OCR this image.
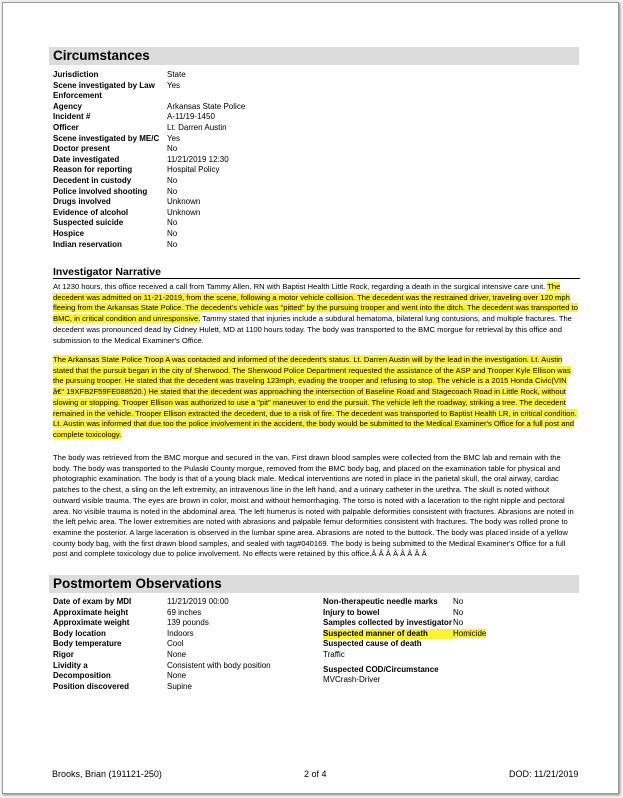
Circumstances
Jurisdiction	State
Scene investigated by Law Enforcement
Yes
Agency	Arkansas State Police
Incident #	A-11/19-1450
Officer	Lt. Darren Austin
Scene investigated by ME/C Yes
Doctor present	No
Date investigated	11/21/2019 12:30
Reason for reporting	Hospital Policy
Decedent in custody	No
Police involved shooting	No
Drugs involved	Unknown
Evidence of alcohol	Unknown
Suspected suicide	No
Hospice	No
Indian reservation	No
Investigator Narrative
At 1230 hours, this office received a call from Tammy Allen, RN with Baptist Health Little Rock, regarding a death in the surgical intensive care unit. The decedent was admitted on 11-21-2019, from the scene, following a motor vehicle collision. The decedent was the restrained driver, traveling over 120 mph fleeing from the Arkansas State Police. The decedent's vehicle was "pitted" by the pursuing trooper and went into the ditch. The decedent was transported to BMC, in critical condition and unresponsive. Tammy stated that injuries include a subdural hematoma, bilateral lung contusions, and multiple fractures. The decedent was pronounced dead by Cidney Hulett, MD at 1100 hours today. The body was transported to the BMC morgue for retrieval by this office and submission to the Medical Examiner's Office.
The Arkansas State Police Troop A was contacted and informed of the decedent's status. Lt. Darren Austin will by the lead in the investigation. Lt. Austin stated that the pursuit began in the city of Sherwood. The Sherwood Police Department requested the assistance of the ASP and Trooper Kyle Ellison was the pursuing trooper. He stated that the decedent was traveling 123mph, evading the trooper and refusing to stop. The vehicle is a 2015 Honda Civic(VIN â€“ 19XFB2F59FE088520.) He stated that the decedent was approaching the intersection of Baseline Road and Stagecoach Road in Little Rock, without slowing or stopping. Trooper Ellison was authorized to use a "pit" maneuver to end the pursuit. The vehicle left the roadway, striking a tree. The decedent remained in the vehicle. Trooper Ellison extracted the decedent, due to a risk of fire. The decedent was transported to Baptist Health LR, in critical condition. Lt. Austin was informed that due too the police involvement in the accident, the body would be submitted to the Medical Examiner's Office for a full post and complete toxicology.
The body was retrieved from the BMC morgue and secured in the van. First drawn blood samples were collected from the BMC lab and remain with the body. The body was transported to the Pulaski County morgue, removed from the BMC body bag, and placed on the examination table for physical and photographic examination. The body is that of a young black male. Medical interventions are noted in place in the parietal skull, the oral airway, cardiac patches to the chest, a sling on the left extremity, an intravenous line in the left hand, and a urinary catheter in the urethra. The skull is noted without outward visible trauma. The eyes are brown in color, moist and without hemorrhaging. The torso is noted with a laceration to the right nipple and pectoral area. No visible trauma is noted in the abdominal area. The left humerus is noted with palpable deformities consistent with fractures. Abrasions are noted in the left pelvic area. The lower extremities are noted with abrasions and palpable femur deformities consistent with fractures. The body was rolled prone to examine the posterior. A large laceration is observed in the lumbar spine area. Abrasions are noted to the buttock. The body was placed inside of a yellow county body bag, with the first drawn blood samples, and sealed with tag#040169. The body is being submitted to the Medical Examiner's Office for a full post and complete toxicology due to police involvement. No effects were retained by this office.Â Â Â Â Â Â Â Â
Postmortem Observations
Date of exam by MDI	11/21/2019 00:00
Approximate height	69 inches
Approximate weight	139 pounds
Body location	Indoors
Body temperature	Cool
Rigor	None
Lividity a	Consistent with body position
Decomposition	None
Position discovered	Supine
Non-therapeutic needle marks	No
Injury to bowel	No
Samples collected by investigator No
Suspected manner of death	Homicide
Suspected cause of death
Traffic
Suspected COD/Circumstance
MVCrash-Driver
Brooks, Brian (191121-250)	2 of 4	DOD: 11/21/2019
